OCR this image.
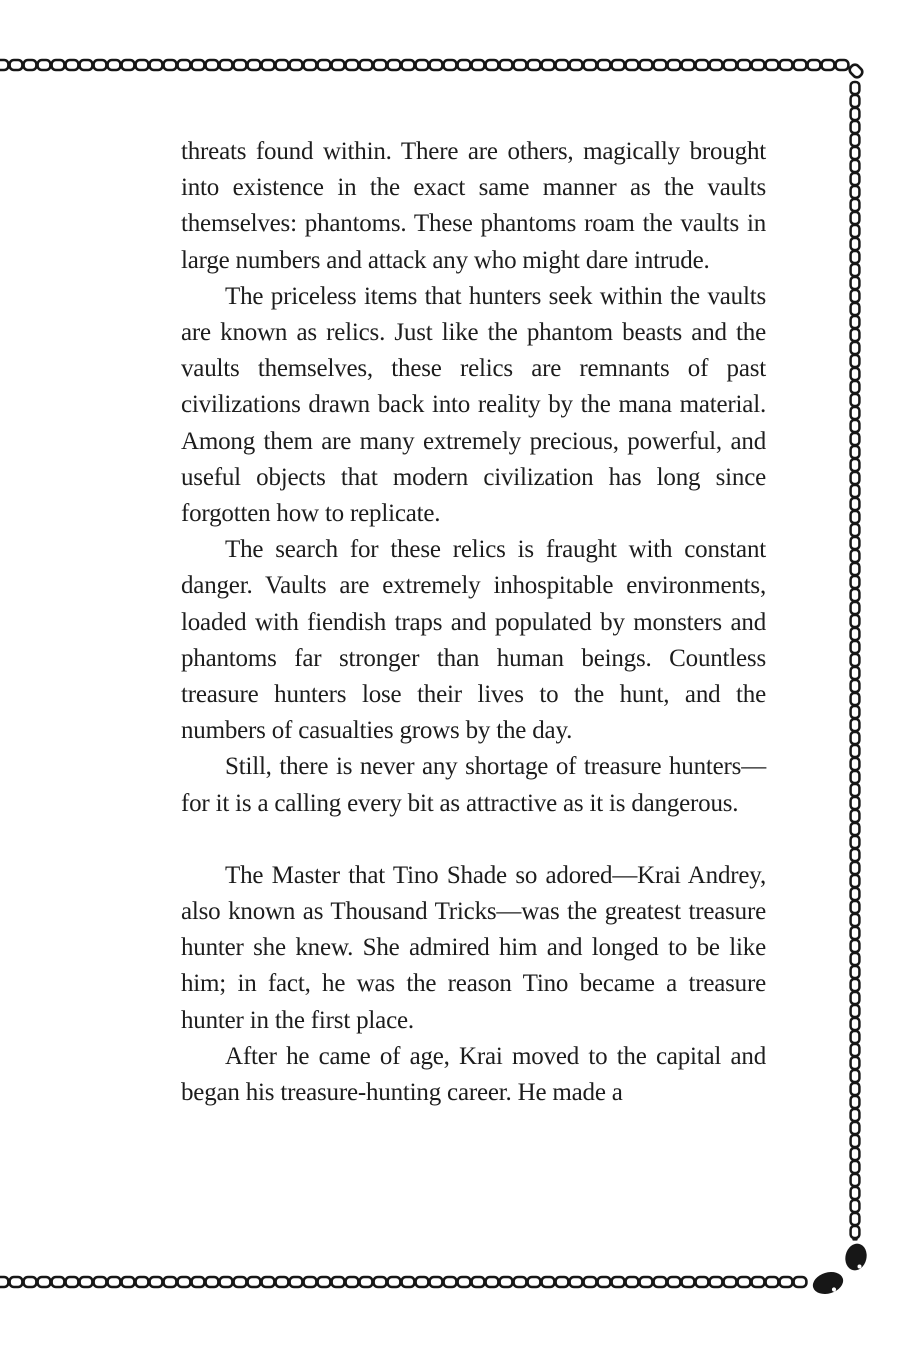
threats found within. There are others, magically brought into existence in the exact same manner as the vaults themselves: phantoms. These phantoms roam the vaults in large numbers and attack any who might dare intrude.

The priceless items that hunters seek within the vaults are known as relics. Just like the phantom beasts and the vaults themselves, these relics are remnants of past civilizations drawn back into reality by the mana material. Among them are many extremely precious, powerful, and useful objects that modern civilization has long since forgotten how to replicate.

The search for these relics is fraught with constant danger. Vaults are extremely inhospitable environments, loaded with fiendish traps and populated by monsters and phantoms far stronger than human beings. Countless treasure hunters lose their lives to the hunt, and the numbers of casualties grows by the day.

Still, there is never any shortage of treasure hunters—for it is a calling every bit as attractive as it is dangerous.

The Master that Tino Shade so adored—Krai Andrey, also known as Thousand Tricks—was the greatest treasure hunter she knew. She admired him and longed to be like him; in fact, he was the reason Tino became a treasure hunter in the first place.

After he came of age, Krai moved to the capital and began his treasure-hunting career. He made a
